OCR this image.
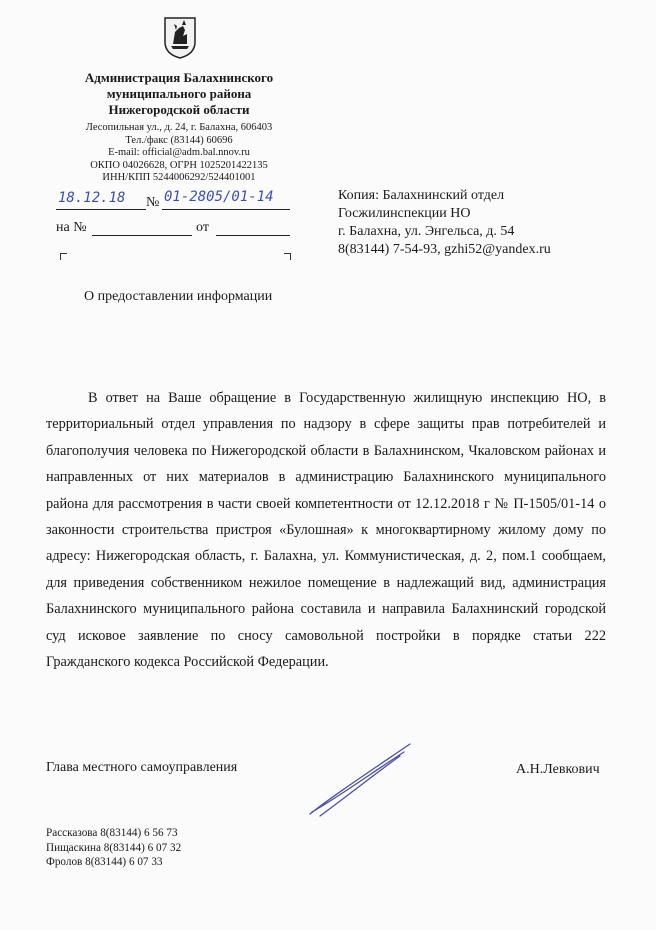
Администрация Балахнинского
муниципального района
Нижегородской области
Лесопильная ул., д. 24, г. Балахна, 606403
Тел./факс (83144) 60696
E-mail: official@adm.bal.nnov.ru
ОКПО 04026628, ОГРН 1025201422135
ИНН/КПП 5244006292/524401001
18.12.18 № 01-2805/01-14
на №	от
Копия: Балахнинский отдел
Госжилинспекции НО
г. Балахна, ул. Энгельса, д. 54
8(83144) 7-54-93, gzhi52@yandex.ru
О предоставлении информации

В ответ на Ваше обращение в Государственную жилищную инспекцию НО, в территориальный отдел управления по надзору в сфере защиты прав потребителей и благополучия человека по Нижегородской области в Балахнинском, Чкаловском районах и направленных от них материалов в администрацию Балахнинского муниципального района для рассмотрения в части своей компетентности от 12.12.2018 г № П-1505/01-14 о законности строительства пристроя «Булошная» к многоквартирному жилому дому по адресу: Нижегородская область, г. Балахна, ул. Коммунистическая, д. 2, пом.1 сообщаем, для приведения собственником нежилое помещение в надлежащий вид, администрация Балахнинского муниципального района составила и направила Балахнинский городской суд исковое заявление по сносу самовольной постройки в порядке статьи 222 Гражданского кодекса Российской Федерации.

Глава местного самоуправления	А.Н.Левкович
Рассказова 8(83144) 6 56 73
Пищаскина 8(83144) 6 07 32
Фролов 8(83144) 6 07 33
